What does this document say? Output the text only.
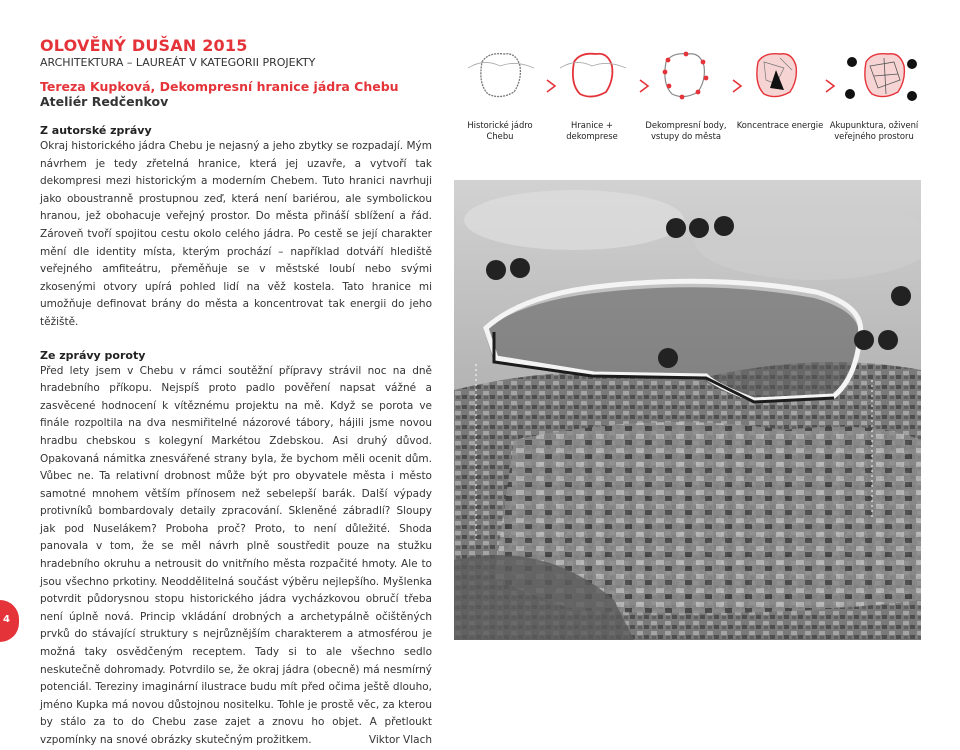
OLOVĚNÝ DUŠAN 2015
ARCHITEKTURA – LAUREÁT V KATEGORII PROJEKTY
Tereza Kupková, Dekompresní hranice jádra Chebu
Ateliér Redčenkov
Z autorské zprávy

Okraj historického jádra Chebu je nejasný a jeho zbytky se rozpadají. Mým návrhem je tedy zřetelná hranice, která jej uzavře, a vytvoří tak dekompresi mezi historickým a moderním Chebem. Tuto hranici navrhuji jako oboustranně prostupnou zeď, která není bariérou, ale symbolickou hranou, jež obohacuje veřejný prostor. Do města přináší sblížení a řád. Zároveň tvoří spojitou cestu okolo celého jádra. Po cestě se její charakter mění dle identity místa, kterým prochází – například dotváří hlediště veřejného amfiteátru, přeměňuje se v městské loubí nebo svými zkosenými otvory upírá pohled lidí na věž kostela. Tato hranice mi umožňuje definovat brány do města a koncentrovat tak energii do jeho těžiště.

Ze zprávy poroty

Před lety jsem v Chebu v rámci soutěžní přípravy strávil noc na dně hradebního příkopu. Nejspíš proto padlo pověření napsat vážné a zasvěcené hodnocení k vítěznému projektu na mě. Když se porota ve finále rozpoltila na dva nesmiřitelné názorové tábory, hájili jsme novou hradbu chebskou s kolegyní Markétou Zdebskou. Asi druhý důvod. Opakovaná námitka znesvářené strany byla, že bychom měli ocenit dům. Vůbec ne. Ta relativní drobnost může být pro obyvatele města i město samotné mnohem větším přínosem než sebelepší barák. Další výpady protivníků bombardovaly detaily zpracování. Skleněné zábradlí? Sloupy jak pod Nuselákem? Proboha proč? Proto, to není důležité. Shoda panovala v tom, že se měl návrh plně soustředit pouze na stužku hradebního okruhu a netrousit do vnitřního města rozpačité hmoty. Ale to jsou všechno prkotiny. Neoddělitelná součást výběru nejlepšího. Myšlenka potvrdit půdorysnou stopu historického jádra vycházkovou obručí třeba není úplně nová. Princip vkládání drobných a archetypálně očištěných prvků do stávající struktury s nejrůznějším charakterem a atmosférou je možná taky osvědčeným receptem. Tady si to ale všechno sedlo neskutečně dohromady. Potvrdilo se, že okraj jádra (obecně) má nesmírný potenciál. Tereziny imaginární ilustrace budu mít před očima ještě dlouho, jméno Kupka má novou důstojnou nositelku. Tohle je prostě věc, za kterou by stálo za to do Chebu zase zajet a znovu ho objet. A přetloukt vzpomínky na snové obrázky skutečným prožitkem.	Viktor Vlach
4
Historické jádro Chebu
Hranice + dekomprese
Dekompresní body, vstupy do města
Koncentrace energie Akupunktura, oživení veřejného prostoru
